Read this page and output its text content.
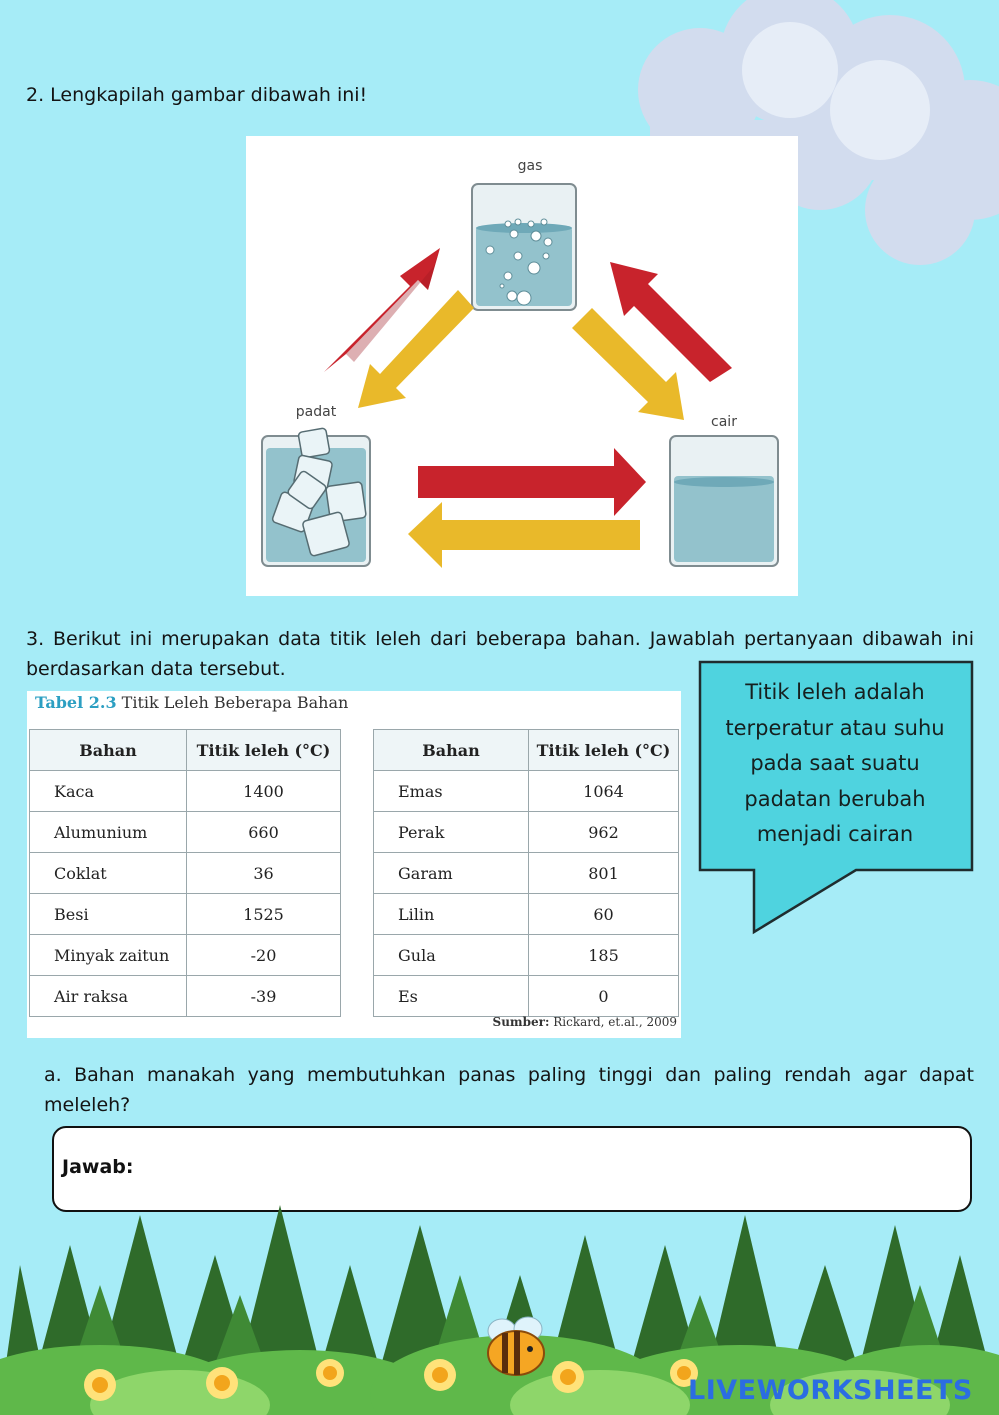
2. Lengkapilah gambar dibawah ini!
gas
padat
cair
3. Berikut ini merupakan data titik leleh dari beberapa bahan. Jawablah pertanyaan dibawah ini berdasarkan data tersebut.
Tabel 2.3 Titik Leleh Beberapa Bahan
Bahan	Titik leleh (°C)
Kaca	1400
Alumunium	660
Coklat	36
Besi	1525
Minyak zaitun	-20
Air raksa	-39
Bahan	Titik leleh (°C)
Emas	1064
Perak	962
Garam	801
Lilin	60
Gula	185
Es	0
Sumber: Rickard, et.al., 2009
Titik leleh adalah terperatur atau suhu pada saat suatu padatan berubah menjadi cairan
a. Bahan manakah yang membutuhkan panas paling tinggi dan paling rendah agar dapat meleleh?
Jawab:
LIVEWORKSHEETS
